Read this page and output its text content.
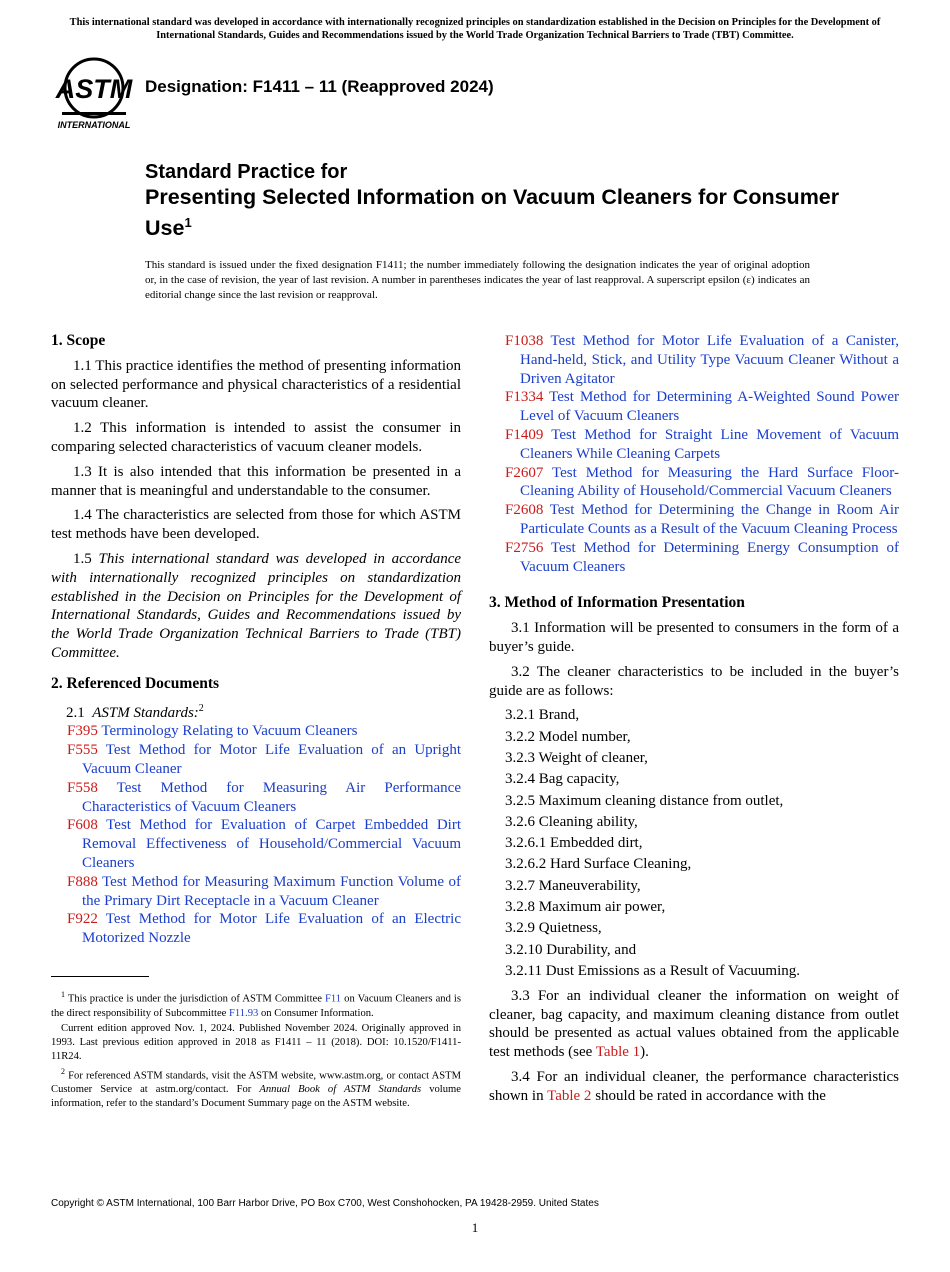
This international standard was developed in accordance with internationally recognized principles on standardization established in the Decision on Principles for the Development of International Standards, Guides and Recommendations issued by the World Trade Organization Technical Barriers to Trade (TBT) Committee.
ASTM
INTERNATIONAL
Designation: F1411 – 11 (Reapproved 2024)
Standard Practice for
Presenting Selected Information on Vacuum Cleaners for Consumer Use$^1$
This standard is issued under the fixed designation F1411; the number immediately following the designation indicates the year of original adoption or, in the case of revision, the year of last revision. A number in parentheses indicates the year of last reapproval. A superscript epsilon (ε) indicates an editorial change since the last revision or reapproval.
1. Scope

1.1 This practice identifies the method of presenting information on selected performance and physical characteristics of a residential vacuum cleaner.

1.2 This information is intended to assist the consumer in comparing selected characteristics of vacuum cleaner models.

1.3 It is also intended that this information be presented in a manner that is meaningful and understandable to the consumer.

1.4 The characteristics are selected from those for which ASTM test methods have been developed.

1.5 This international standard was developed in accordance with internationally recognized principles on standardization established in the Decision on Principles for the Development of International Standards, Guides and Recommendations issued by the World Trade Organization Technical Barriers to Trade (TBT) Committee.

2. Referenced Documents
2.1 ASTM Standards:$^2$

F395 Terminology Relating to Vacuum Cleaners

F555 Test Method for Motor Life Evaluation of an Upright Vacuum Cleaner

F558 Test Method for Measuring Air Performance Characteristics of Vacuum Cleaners

F608 Test Method for Evaluation of Carpet Embedded Dirt Removal Effectiveness of Household/Commercial Vacuum Cleaners

F888 Test Method for Measuring Maximum Function Volume of the Primary Dirt Receptacle in a Vacuum Cleaner

F922 Test Method for Motor Life Evaluation of an Electric Motorized Nozzle

$^1$ This practice is under the jurisdiction of ASTM Committee F11 on Vacuum Cleaners and is the direct responsibility of Subcommittee F11.93 on Consumer Information.

Current edition approved Nov. 1, 2024. Published November 2024. Originally approved in 1993. Last previous edition approved in 2018 as F1411 – 11 (2018). DOI: 10.1520/F1411-11R24.

$^2$ For referenced ASTM standards, visit the ASTM website, www.astm.org, or contact ASTM Customer Service at astm.org/contact. For Annual Book of ASTM Standards volume information, refer to the standard’s Document Summary page on the ASTM website.

F1038 Test Method for Motor Life Evaluation of a Canister, Hand-held, Stick, and Utility Type Vacuum Cleaner Without a Driven Agitator

F1334 Test Method for Determining A-Weighted Sound Power Level of Vacuum Cleaners

F1409 Test Method for Straight Line Movement of Vacuum Cleaners While Cleaning Carpets

F2607 Test Method for Measuring the Hard Surface Floor-Cleaning Ability of Household/Commercial Vacuum Cleaners

F2608 Test Method for Determining the Change in Room Air Particulate Counts as a Result of the Vacuum Cleaning Process

F2756 Test Method for Determining Energy Consumption of Vacuum Cleaners

3. Method of Information Presentation

3.1 Information will be presented to consumers in the form of a buyer’s guide.

3.2 The cleaner characteristics to be included in the buyer’s guide are as follows:

3.2.1 Brand,
3.2.2 Model number,
3.2.3 Weight of cleaner,
3.2.4 Bag capacity,
3.2.5 Maximum cleaning distance from outlet,
3.2.6 Cleaning ability,
3.2.6.1 Embedded dirt,
3.2.6.2 Hard Surface Cleaning,
3.2.7 Maneuverability,
3.2.8 Maximum air power,
3.2.9 Quietness,
3.2.10 Durability, and
3.2.11 Dust Emissions as a Result of Vacuuming.

3.3 For an individual cleaner the information on weight of cleaner, bag capacity, and maximum cleaning distance from outlet should be presented as actual values obtained from the applicable test methods (see Table 1).

3.4 For an individual cleaner, the performance characteristics shown in Table 2 should be rated in accordance with the

Copyright © ASTM International, 100 Barr Harbor Drive, PO Box C700, West Conshohocken, PA 19428-2959. United States
1
